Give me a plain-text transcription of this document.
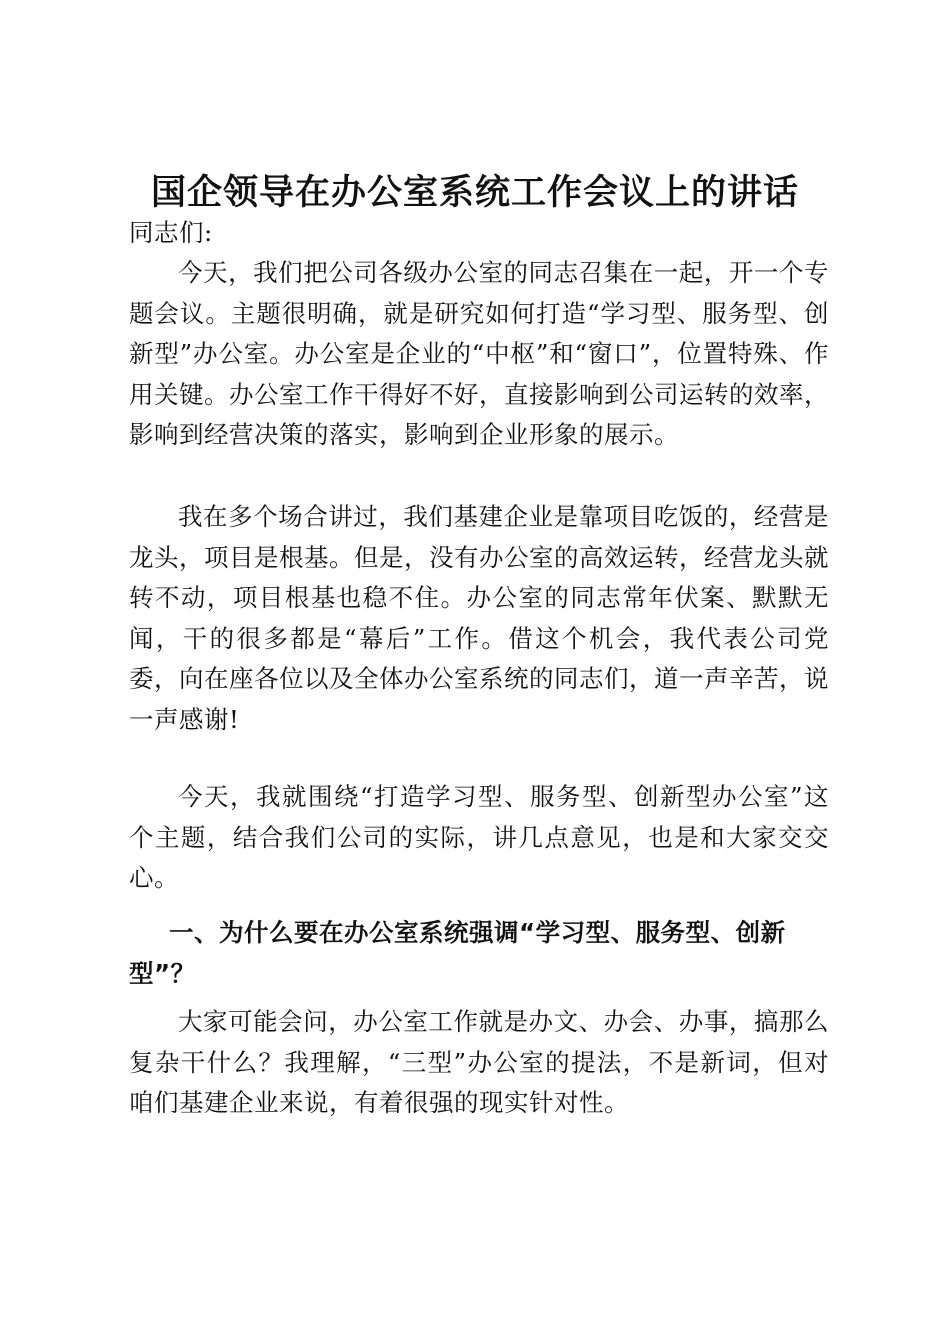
国企领导在办公室系统工作会议上的讲话

同志们:

今天，我们把公司各级办公室的同志召集在一起，开一个专题会议。主题很明确，就是研究如何打造“学习型、服务型、创新型”办公室。办公室是企业的“中枢”和“窗口”，位置特殊、作用关键。办公室工作干得好不好，直接影响到公司运转的效率，影响到经营决策的落实，影响到企业形象的展示。

我在多个场合讲过，我们基建企业是靠项目吃饭的，经营是龙头，项目是根基。但是，没有办公室的高效运转，经营龙头就转不动，项目根基也稳不住。办公室的同志常年伏案、默默无闻，干的很多都是“幕后”工作。借这个机会，我代表公司党委，向在座各位以及全体办公室系统的同志们，道一声辛苦，说一声感谢!

今天，我就围绕“打造学习型、服务型、创新型办公室”这个主题，结合我们公司的实际，讲几点意见，也是和大家交交心。

一、为什么要在办公室系统强调“学习型、服务型、创新型”？

大家可能会问，办公室工作就是办文、办会、办事，搞那么复杂干什么？我理解，“三型”办公室的提法，不是新词，但对咱们基建企业来说，有着很强的现实针对性。
